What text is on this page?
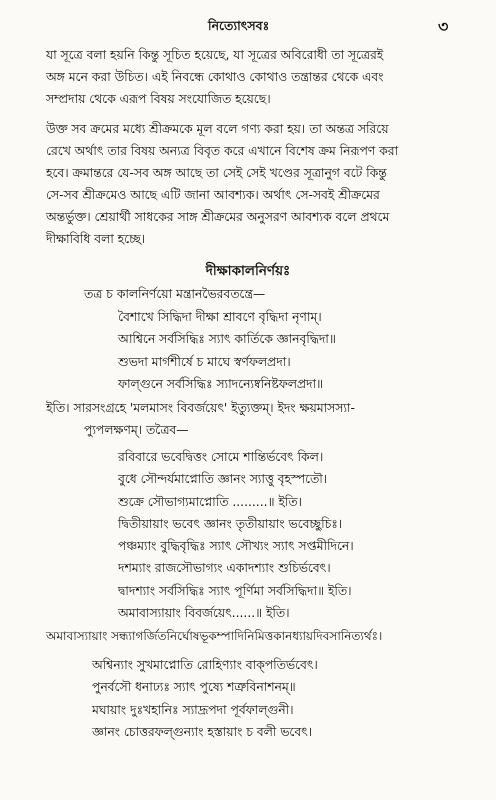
নিত্যোৎসবঃ	৩

যা সূত্রে বলা হয়নি কিন্তু সূচিত হয়েছে, যা সূত্রের অবিরোধী তা সূত্রেরই
অঙ্গ মনে করা উচিত। এই নিবন্ধে কোথাও কোথাও তন্ত্রান্তর থেকে এবং
সম্প্রদায় থেকে এরূপ বিষয় সংযোজিত হয়েছে।

উক্ত সব ক্রমের মধ্যে শ্রীক্রমকে মূল বলে গণ্য করা হয়। তা অন্তত্র সরিয়ে
রেখে অর্থাৎ তার বিষয় অন্যত্র বিবৃত করে এখানে বিশেষ ক্রম নিরূপণ করা
হবে। ক্রমান্তরে যে-সব অঙ্গ আছে তা সেই সেই খণ্ডের সূত্রানুগ বটে কিন্তু
সে-সব শ্রীক্রমেও আছে এটি জানা আবশ্যক। অর্থাৎ সে-সবই শ্রীক্রমের
অন্তর্ভুক্ত। শ্রেয়ার্থী সাধকের সাঙ্গ শ্রীক্রমের অনুসরণ আবশ্যক বলে প্রথমে
দীক্ষাবিধি বলা হচ্ছে।

দীক্ষাকালনির্ণয়ঃ
তত্র চ কালনির্ণয়ো মন্ত্রানভৈরবতন্ত্রে—
বৈশাখে সিদ্ধিদা দীক্ষা শ্রাবণে বৃদ্ধিদা নৃণাম্।
আশ্বিনে সর্বসিদ্ধিঃ স্যাৎ কার্তিকে জ্ঞানবৃদ্ধিদা॥
শুভদা মার্গশীর্ষে চ মাঘে স্বর্ণফলপ্রদা।
ফাল্গুনে সর্বসিদ্ধিঃ স্যাদন্যেষ্বনিষ্টফলপ্রদা॥
ইতি। সারসংগ্রহে 'মলমাসং বিবর্জয়েৎ' ইত্যুক্তম্। ইদং ক্ষয়মাসস্যা-
প্যুপলক্ষণম্। তত্রৈব—
রবিবারে ভবেদ্বিত্তং সোমে শান্তির্ভবেৎ কিল।
বুধে সৌন্দর্যমাপ্নোতি জ্ঞানং স্যাত্তু বৃহস্পতৌ।
শুক্রে সৌভাগ্যমাপ্নোতি .........॥ ইতি।
দ্বিতীয়ায়াং ভবেৎ জ্ঞানং তৃতীয়ায়াং ভবেচ্ছুচিঃ।
পঞ্চম্যাং বুদ্ধিবৃদ্ধিঃ স্যাৎ সৌখ্যং স্যাৎ সপ্তমীদিনে।
দশম্যাং রাজসৌভাগ্যং একাদশ্যাং শুচির্ভবেৎ।
দ্বাদশ্যাং সর্বসিদ্ধিঃ স্যাৎ পূর্ণিমা সর্বসিদ্ধিদা॥ ইতি।
অমাবাস্যায়াং বিবর্জয়েৎ......॥ ইতি।
অমাবাস্যায়াং সন্ধ্যাগর্জিতনির্ঘোষভূকম্পাদিনিমিত্তকানধ্যায়দিবসানিত্যর্থঃ।
অশ্বিন্যাং সুখমাপ্নোতি রোহিণ্যাং বাক্পতির্ভবেৎ।
পুনর্বসৌ ধনাঢ্যঃ স্যাৎ পুষ্যে শত্রুবিনাশনম্॥
মঘায়াং দুঃখহানিঃ স্যাদ্রূপদা পূর্বফাল্গুনী।
জ্ঞানং চোত্তরফল্গুন্যাং হস্তায়াং চ বলী ভবেৎ।
